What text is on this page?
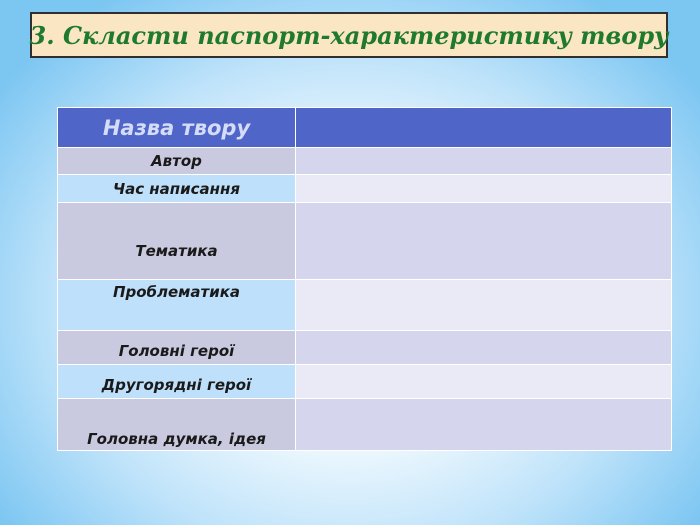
3. Скласти паспорт-характеристику твору
Назва твору	
Автор	
Час написання	
Тематика	
Проблематика	
Головні герої	
Другорядні герої	
Головна думка, ідея	
